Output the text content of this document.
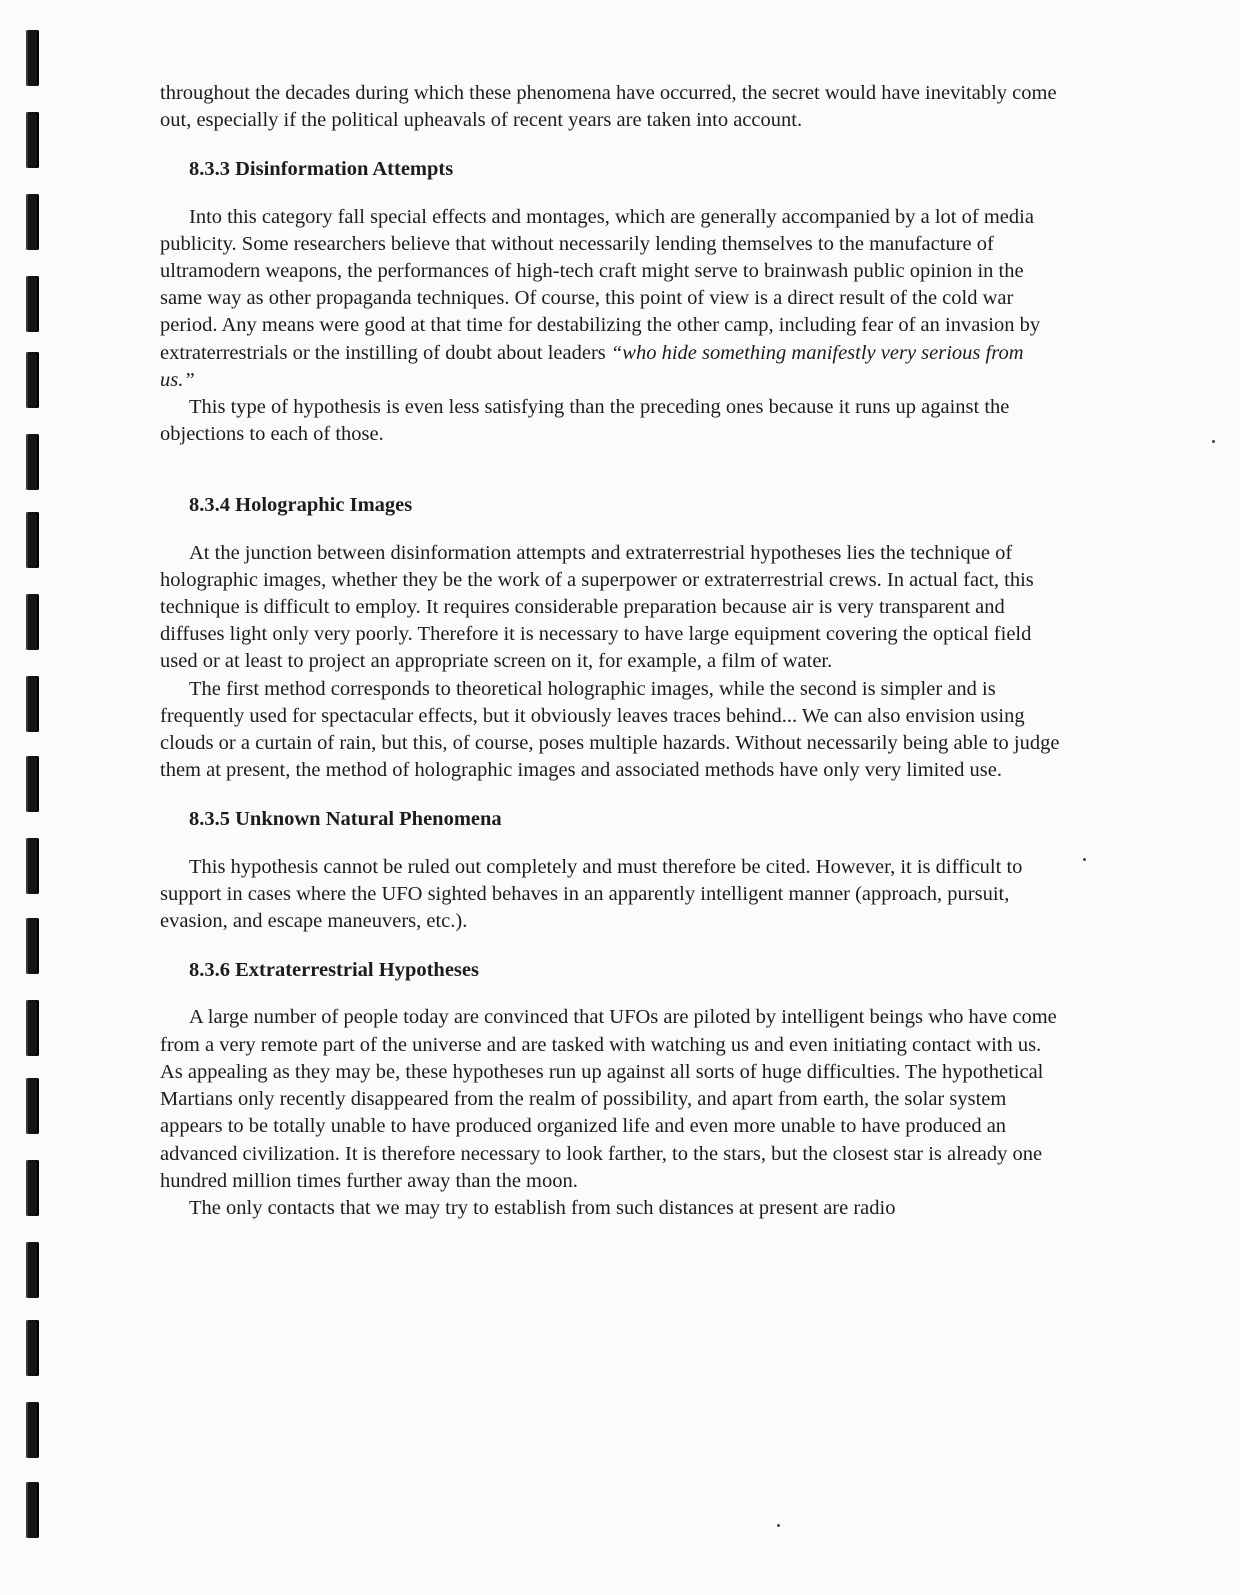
throughout the decades during which these phenomena have occurred, the secret would have inevitably come out, especially if the political upheavals of recent years are taken into account.

8.3.3 Disinformation Attempts

Into this category fall special effects and montages, which are generally accompanied by a lot of media publicity. Some researchers believe that without necessarily lending themselves to the manufacture of ultramodern weapons, the performances of high-tech craft might serve to brainwash public opinion in the same way as other propaganda techniques. Of course, this point of view is a direct result of the cold war period. Any means were good at that time for destabilizing the other camp, including fear of an invasion by extraterrestrials or the instilling of doubt about leaders “who hide something manifestly very serious from us.”

This type of hypothesis is even less satisfying than the preceding ones because it runs up against the objections to each of those.

8.3.4 Holographic Images

At the junction between disinformation attempts and extraterrestrial hypotheses lies the technique of holographic images, whether they be the work of a superpower or extraterrestrial crews. In actual fact, this technique is difficult to employ. It requires considerable preparation because air is very transparent and diffuses light only very poorly. Therefore it is necessary to have large equipment covering the optical field used or at least to project an appropriate screen on it, for example, a film of water.

The first method corresponds to theoretical holographic images, while the second is simpler and is frequently used for spectacular effects, but it obviously leaves traces behind... We can also envision using clouds or a curtain of rain, but this, of course, poses multiple hazards. Without necessarily being able to judge them at present, the method of holographic images and associated methods have only very limited use.

8.3.5 Unknown Natural Phenomena

This hypothesis cannot be ruled out completely and must therefore be cited. However, it is difficult to support in cases where the UFO sighted behaves in an apparently intelligent manner (approach, pursuit, evasion, and escape maneuvers, etc.).

8.3.6 Extraterrestrial Hypotheses

A large number of people today are convinced that UFOs are piloted by intelligent beings who have come from a very remote part of the universe and are tasked with watching us and even initiating contact with us. As appealing as they may be, these hypotheses run up against all sorts of huge difficulties. The hypothetical Martians only recently disappeared from the realm of possibility, and apart from earth, the solar system appears to be totally unable to have produced organized life and even more unable to have produced an advanced civilization. It is therefore necessary to look farther, to the stars, but the closest star is already one hundred million times further away than the moon.

The only contacts that we may try to establish from such distances at present are radio
